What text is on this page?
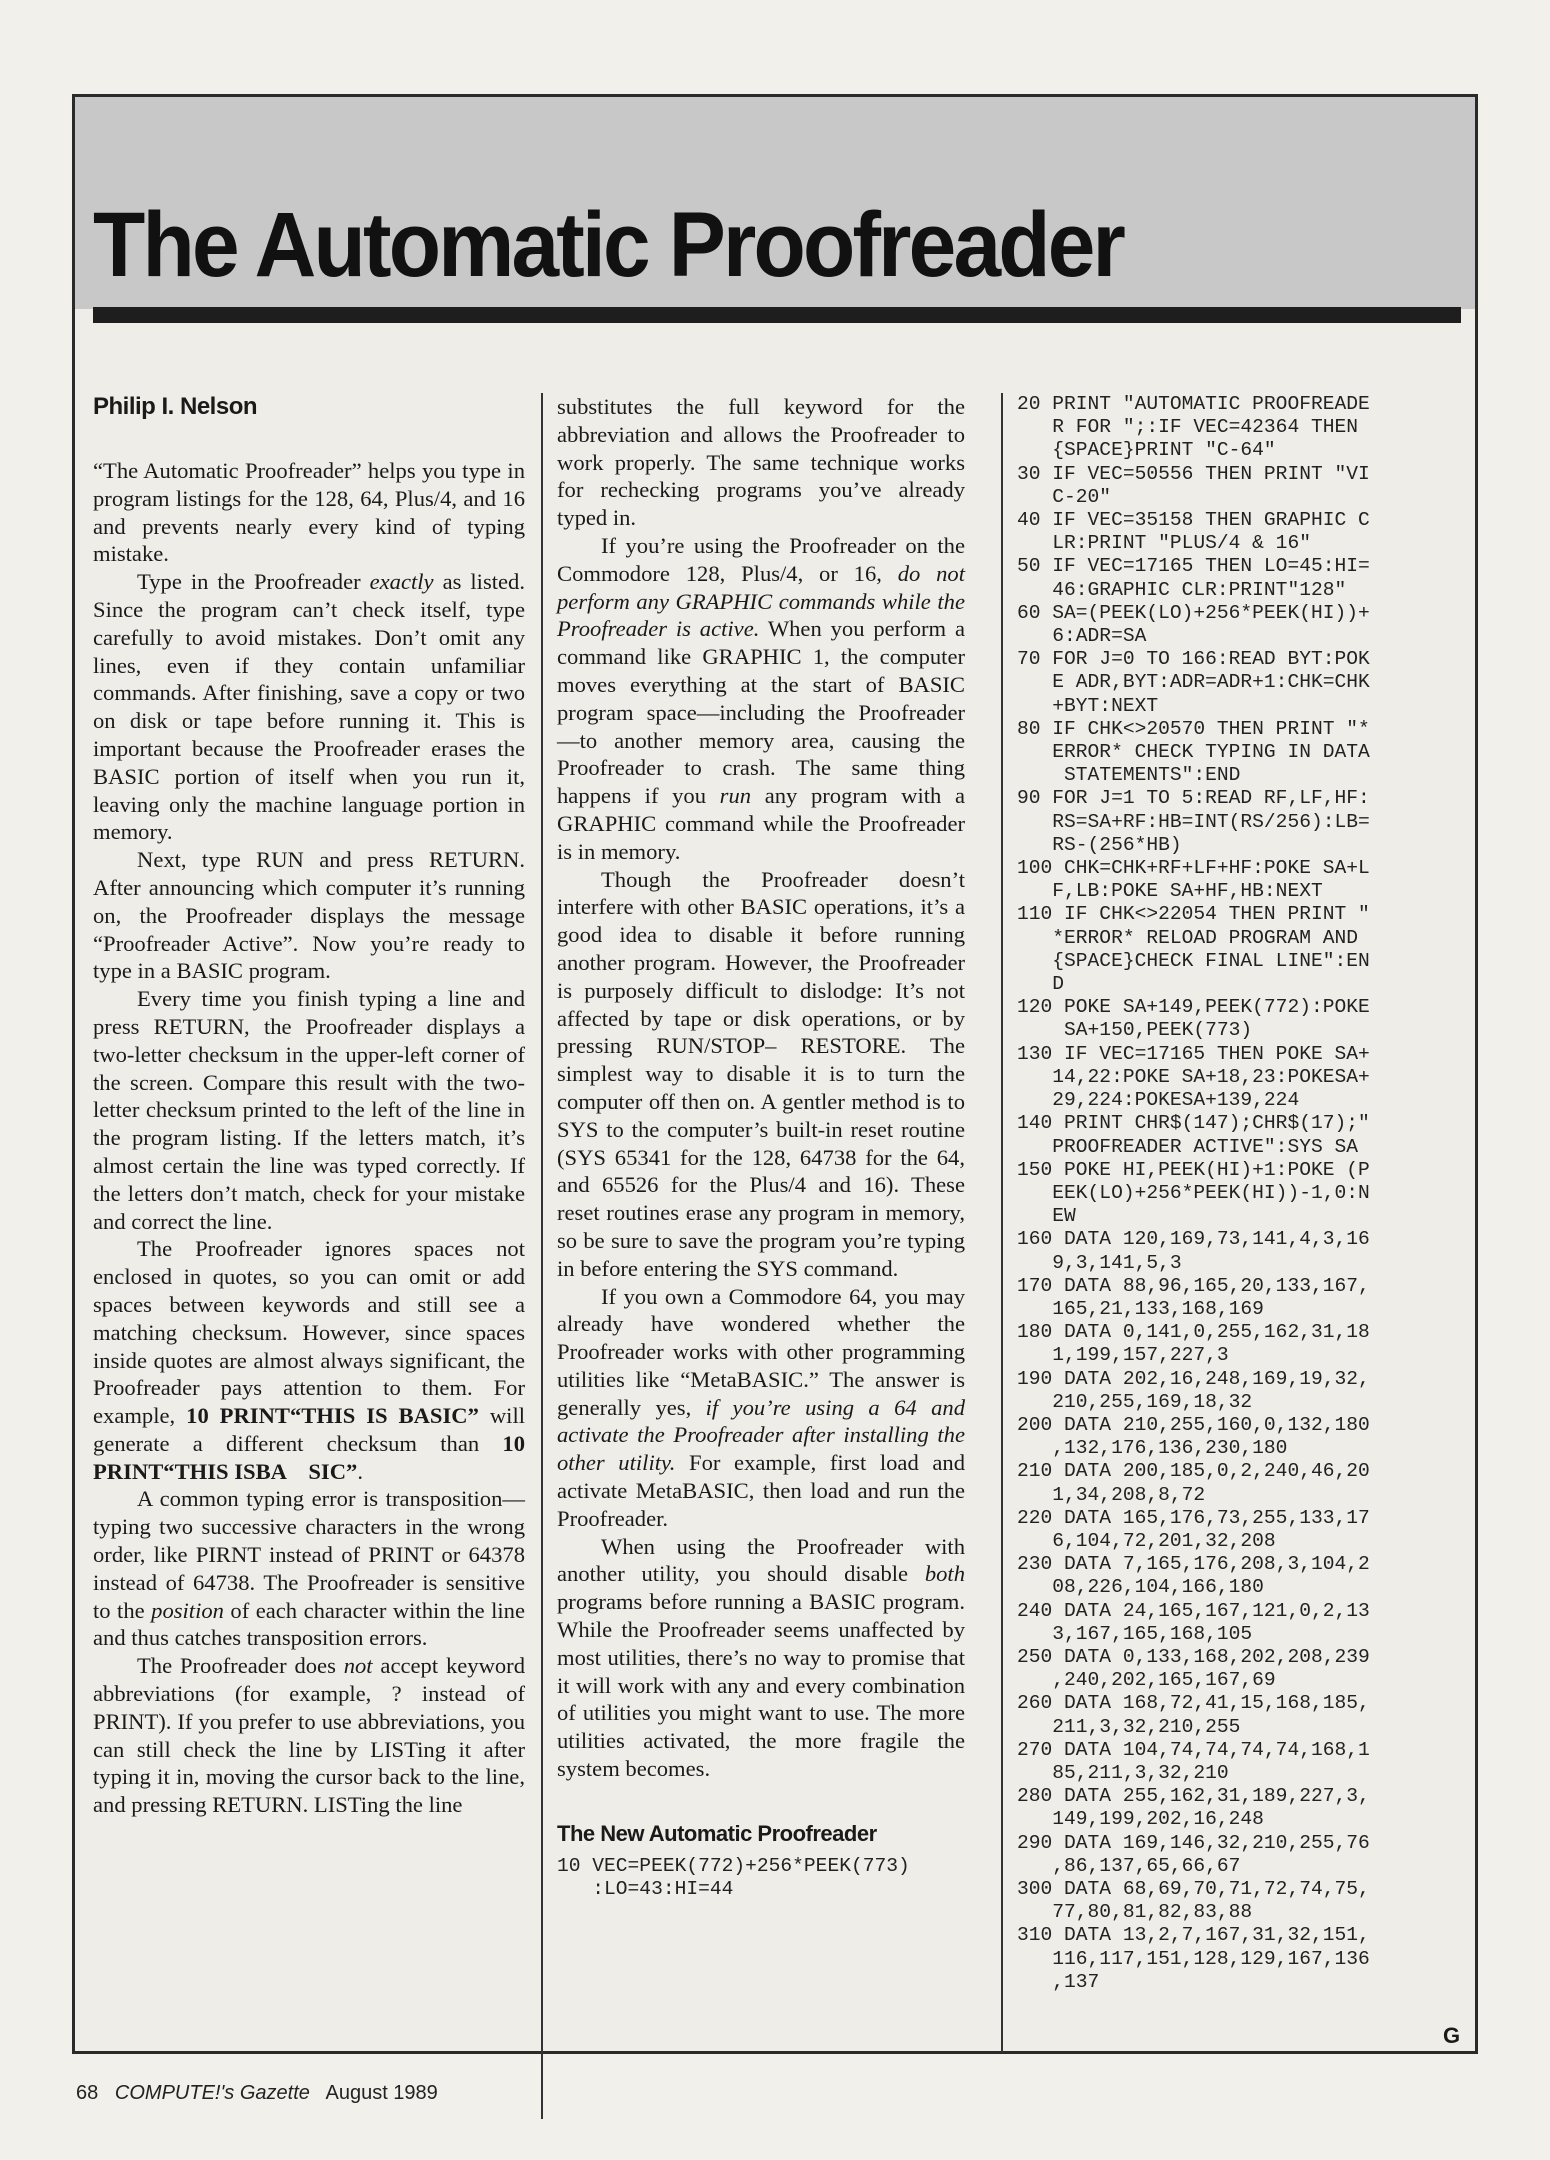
The Automatic Proofreader
Philip I. Nelson

“The Automatic Proofreader” helps you type in program listings for the 128, 64, Plus/4, and 16 and prevents nearly every kind of typing mistake.

Type in the Proofreader exactly as listed. Since the program can’t check itself, type carefully to avoid mistakes. Don’t omit any lines, even if they contain unfamiliar commands. After finishing, save a copy or two on disk or tape before running it. This is important because the Proofreader erases the BASIC portion of itself when you run it, leaving only the machine language portion in memory.

Next, type RUN and press RETURN. After announcing which computer it’s running on, the Proofreader displays the message “Proofreader Active”. Now you’re ready to type in a BASIC program.

Every time you finish typing a line and press RETURN, the Proofreader displays a two-letter checksum in the upper-left corner of the screen. Compare this result with the two-letter checksum printed to the left of the line in the program listing. If the letters match, it’s almost certain the line was typed correctly. If the letters don’t match, check for your mistake and correct the line.

The Proofreader ignores spaces not enclosed in quotes, so you can omit or add spaces between keywords and still see a matching checksum. However, since spaces inside quotes are almost always significant, the Proofreader pays attention to them. For example, 10 PRINT“THIS IS BASIC” will generate a different checksum than 10 PRINT“THIS ISBA    SIC”.

A common typing error is transposition—typing two successive characters in the wrong order, like PIRNT instead of PRINT or 64378 instead of 64738. The Proofreader is sensitive to the position of each character within the line and thus catches transposition errors.

The Proofreader does not accept keyword abbreviations (for example, ? instead of PRINT). If you prefer to use abbreviations, you can still check the line by LISTing it after typing it in, moving the cursor back to the line, and pressing RETURN. LISTing the line

substitutes the full keyword for the abbreviation and allows the Proofreader to work properly. The same technique works for rechecking programs you’ve already typed in.

If you’re using the Proofreader on the Commodore 128, Plus/4, or 16, do not perform any GRAPHIC commands while the Proofreader is active. When you perform a command like GRAPHIC 1, the computer moves everything at the start of BASIC program space—including the Proofreader—to another memory area, causing the Proofreader to crash. The same thing happens if you run any program with a GRAPHIC command while the Proofreader is in memory.

Though the Proofreader doesn’t interfere with other BASIC operations, it’s a good idea to disable it before running another program. However, the Proofreader is purposely difficult to dislodge: It’s not affected by tape or disk operations, or by pressing RUN/STOP– RESTORE. The simplest way to disable it is to turn the computer off then on. A gentler method is to SYS to the computer’s built-in reset routine (SYS 65341 for the 128, 64738 for the 64, and 65526 for the Plus/4 and 16). These reset routines erase any program in memory, so be sure to save the program you’re typing in before entering the SYS command.

If you own a Commodore 64, you may already have wondered whether the Proofreader works with other programming utilities like “MetaBASIC.” The answer is generally yes, if you’re using a 64 and activate the Proofreader after installing the other utility. For example, first load and activate MetaBASIC, then load and run the Proofreader.

When using the Proofreader with another utility, you should disable both programs before running a BASIC program. While the Proofreader seems unaffected by most utilities, there’s no way to promise that it will work with any and every combination of utilities you might want to use. The more utilities activated, the more fragile the system becomes.

The New Automatic Proofreader
10 VEC=PEEK(772)+256*PEEK(773)
:LO=43:HI=44
20 PRINT "AUTOMATIC PROOFREADE
R FOR ";:IF VEC=42364 THEN
{SPACE}PRINT "C-64"
30 IF VEC=50556 THEN PRINT "VI
C-20"
40 IF VEC=35158 THEN GRAPHIC C
LR:PRINT "PLUS/4 & 16"
50 IF VEC=17165 THEN LO=45:HI=
46:GRAPHIC CLR:PRINT"128"
60 SA=(PEEK(LO)+256*PEEK(HI))+
6:ADR=SA
70 FOR J=0 TO 166:READ BYT:POK
E ADR,BYT:ADR=ADR+1:CHK=CHK
+BYT:NEXT
80 IF CHK<>20570 THEN PRINT "*
ERROR* CHECK TYPING IN DATA
STATEMENTS":END
90 FOR J=1 TO 5:READ RF,LF,HF:
RS=SA+RF:HB=INT(RS/256):LB=
RS-(256*HB)
100 CHK=CHK+RF+LF+HF:POKE SA+L
F,LB:POKE SA+HF,HB:NEXT
110 IF CHK<>22054 THEN PRINT "
*ERROR* RELOAD PROGRAM AND
{SPACE}CHECK FINAL LINE":EN
D
120 POKE SA+149,PEEK(772):POKE
SA+150,PEEK(773)
130 IF VEC=17165 THEN POKE SA+
14,22:POKE SA+18,23:POKESA+
29,224:POKESA+139,224
140 PRINT CHR$(147);CHR$(17);"
PROOFREADER ACTIVE":SYS SA
150 POKE HI,PEEK(HI)+1:POKE (P
EEK(LO)+256*PEEK(HI))-1,0:N
EW
160 DATA 120,169,73,141,4,3,16
9,3,141,5,3
170 DATA 88,96,165,20,133,167,
165,21,133,168,169
180 DATA 0,141,0,255,162,31,18
1,199,157,227,3
190 DATA 202,16,248,169,19,32,
210,255,169,18,32
200 DATA 210,255,160,0,132,180
,132,176,136,230,180
210 DATA 200,185,0,2,240,46,20
1,34,208,8,72
220 DATA 165,176,73,255,133,17
6,104,72,201,32,208
230 DATA 7,165,176,208,3,104,2
08,226,104,166,180
240 DATA 24,165,167,121,0,2,13
3,167,165,168,105
250 DATA 0,133,168,202,208,239
,240,202,165,167,69
260 DATA 168,72,41,15,168,185,
211,3,32,210,255
270 DATA 104,74,74,74,74,168,1
85,211,3,32,210
280 DATA 255,162,31,189,227,3,
149,199,202,16,248
290 DATA 169,146,32,210,255,76
,86,137,65,66,67
300 DATA 68,69,70,71,72,74,75,
77,80,81,82,83,88
310 DATA 13,2,7,167,31,32,151,
116,117,151,128,129,167,136
,137
G
68 COMPUTE!'s Gazette August 1989
